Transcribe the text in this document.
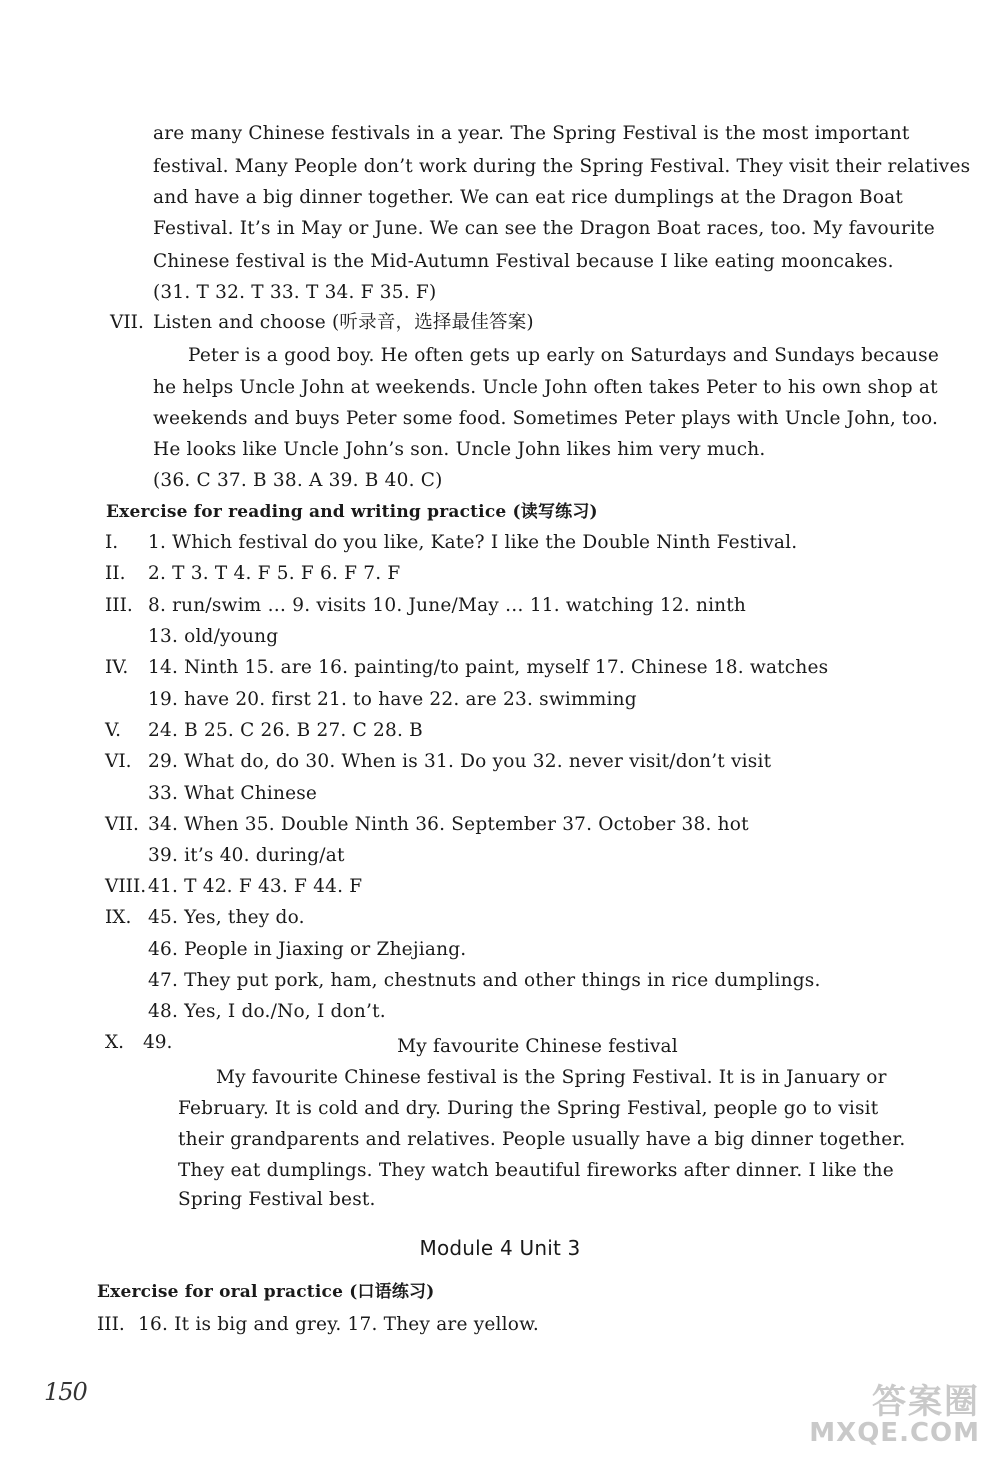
are many Chinese festivals in a year. The Spring Festival is the most important
festival. Many People don’t work during the Spring Festival. They visit their relatives
and have a big dinner together. We can eat rice dumplings at the Dragon Boat
Festival. It’s in May or June. We can see the Dragon Boat races, too. My favourite
Chinese festival is the Mid-Autumn Festival because I like eating mooncakes.
(31. T 32. T 33. T 34. F 35. F)
VII. Listen and choose (听录音，选择最佳答案)
Peter is a good boy. He often gets up early on Saturdays and Sundays because
he helps Uncle John at weekends. Uncle John often takes Peter to his own shop at
weekends and buys Peter some food. Sometimes Peter plays with Uncle John, too.
He looks like Uncle John’s son. Uncle John likes him very much.
(36. C 37. B 38. A 39. B 40. C)
Exercise for reading and writing practice (读写练习)
I. 1. Which festival do you like, Kate? I like the Double Ninth Festival.
II. 2. T 3. T 4. F 5. F 6. F 7. F
III. 8. run/swim … 9. visits 10. June/May … 11. watching 12. ninth
13. old/young
IV. 14. Ninth 15. are 16. painting/to paint, myself 17. Chinese 18. watches
19. have 20. first 21. to have 22. are 23. swimming
V. 24. B 25. C 26. B 27. C 28. B
VI. 29. What do, do 30. When is 31. Do you 32. never visit/don’t visit
33. What Chinese
VII. 34. When 35. Double Ninth 36. September 37. October 38. hot
39. it’s 40. during/at
VIII. 41. T 42. F 43. F 44. F
IX. 45. Yes, they do.
46. People in Jiaxing or Zhejiang.
47. They put pork, ham, chestnuts and other things in rice dumplings.
48. Yes, I do./No, I don’t.
X. 49.	My favourite Chinese festival
My favourite Chinese festival is the Spring Festival. It is in January or
February. It is cold and dry. During the Spring Festival, people go to visit
their grandparents and relatives. People usually have a big dinner together.
They eat dumplings. They watch beautiful fireworks after dinner. I like the
Spring Festival best.
Module 4 Unit 3
Exercise for oral practice (口语练习)
III. 16. It is big and grey. 17. They are yellow.
150	答案圈
MXQE.COM
